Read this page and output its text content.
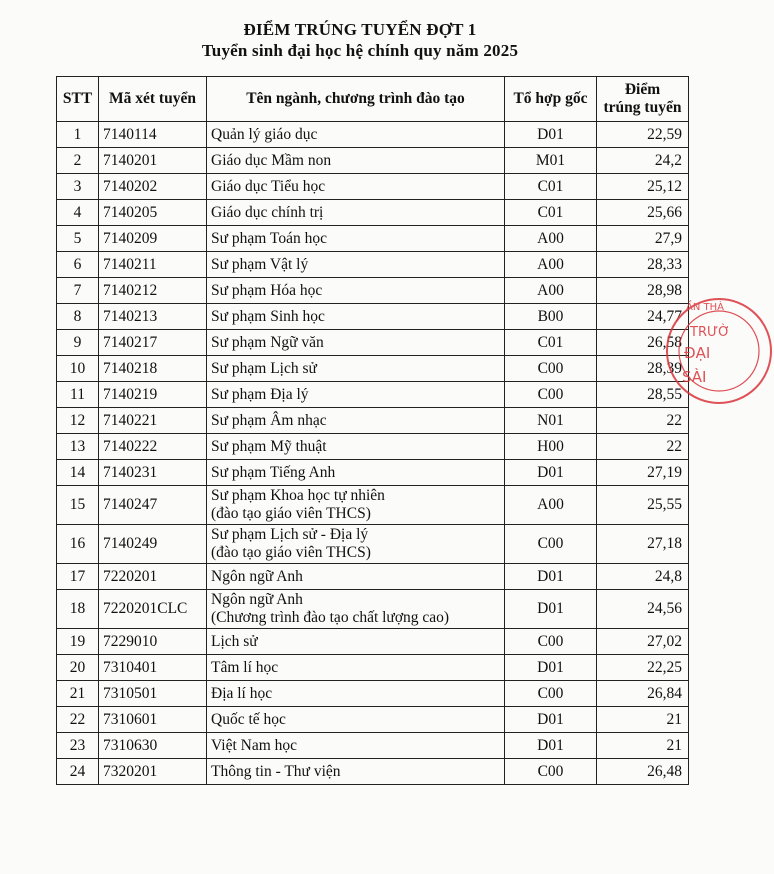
ĐIỂM TRÚNG TUYỂN ĐỢT 1
Tuyển sinh đại học hệ chính quy năm 2025
STT	Mã xét tuyển	Tên ngành, chương trình đào tạo	Tổ hợp gốc	Điểm
trúng tuyển

1	7140114	Quản lý giáo dục	D01	22,59
2	7140201	Giáo dục Mầm non	M01	24,2
3	7140202	Giáo dục Tiểu học	C01	25,12
4	7140205	Giáo dục chính trị	C01	25,66
5	7140209	Sư phạm Toán học	A00	27,9
6	7140211	Sư phạm Vật lý	A00	28,33
7	7140212	Sư phạm Hóa học	A00	28,98
8	7140213	Sư phạm Sinh học	B00	24,77
9	7140217	Sư phạm Ngữ văn	C01	26,58
10	7140218	Sư phạm Lịch sử	C00	28,39
11	7140219	Sư phạm Địa lý	C00	28,55
12	7140221	Sư phạm Âm nhạc	N01	22
13	7140222	Sư phạm Mỹ thuật	H00	22
14	7140231	Sư phạm Tiếng Anh	D01	27,19
15	7140247	Sư phạm Khoa học tự nhiên
(đào tạo giáo viên THCS)	A00	25,55
16	7140249	Sư phạm Lịch sử - Địa lý
(đào tạo giáo viên THCS)	C00	27,18
17	7220201	Ngôn ngữ Anh	D01	24,8
18	7220201CLC	Ngôn ngữ Anh
(Chương trình đào tạo chất lượng cao)	D01	24,56
19	7229010	Lịch sử	C00	27,02
20	7310401	Tâm lí học	D01	22,25
21	7310501	Địa lí học	C00	26,84
22	7310601	Quốc tế học	D01	21
23	7310630	Việt Nam học	D01	21
24	7320201	Thông tin - Thư viện	C00	26,48
ẦN THÀ
TRƯỜ
ĐẠI
SÀI
